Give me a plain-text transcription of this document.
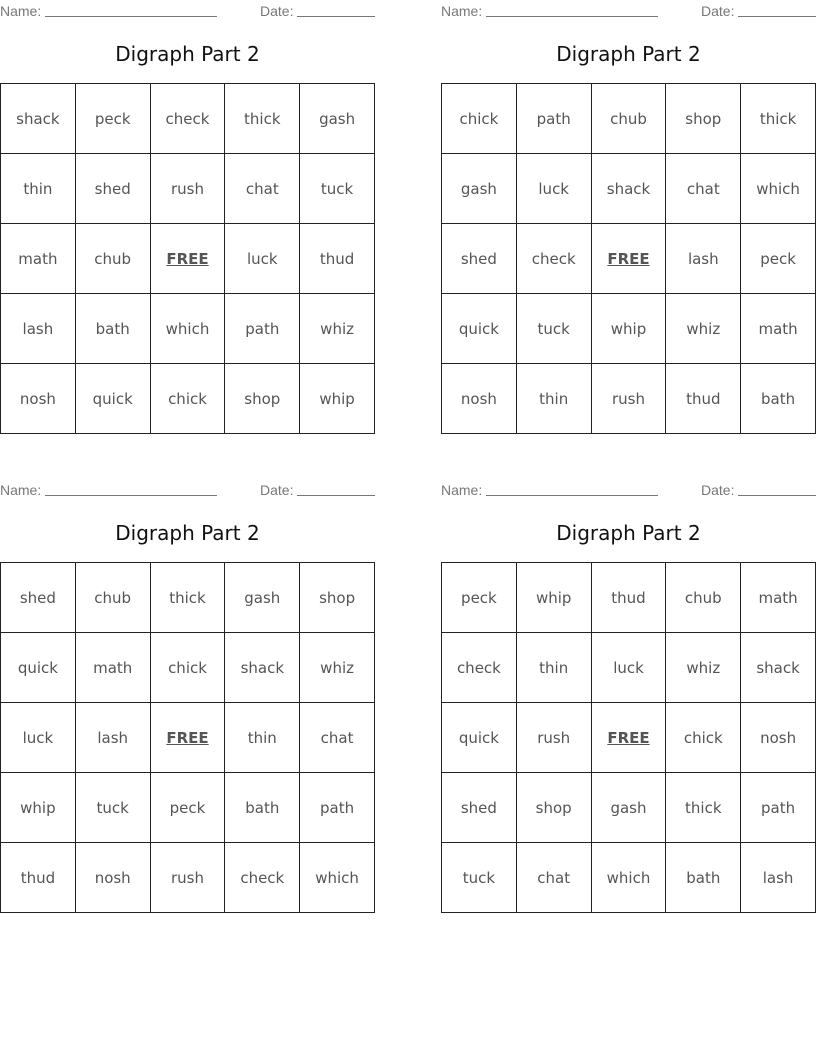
Name:	Date:
Digraph Part 2
shack	peck	check	thick	gash
thin	shed	rush	chat	tuck
math	chub	FREE	luck	thud
lash	bath	which	path	whiz
nosh	quick	chick	shop	whip
Name:	Date:
Digraph Part 2
chick	path	chub	shop	thick
gash	luck	shack	chat	which
shed	check	FREE	lash	peck
quick	tuck	whip	whiz	math
nosh	thin	rush	thud	bath
Name:	Date:
Digraph Part 2
shed	chub	thick	gash	shop
quick	math	chick	shack	whiz
luck	lash	FREE	thin	chat
whip	tuck	peck	bath	path
thud	nosh	rush	check	which
Name:	Date:
Digraph Part 2
peck	whip	thud	chub	math
check	thin	luck	whiz	shack
quick	rush	FREE	chick	nosh
shed	shop	gash	thick	path
tuck	chat	which	bath	lash
